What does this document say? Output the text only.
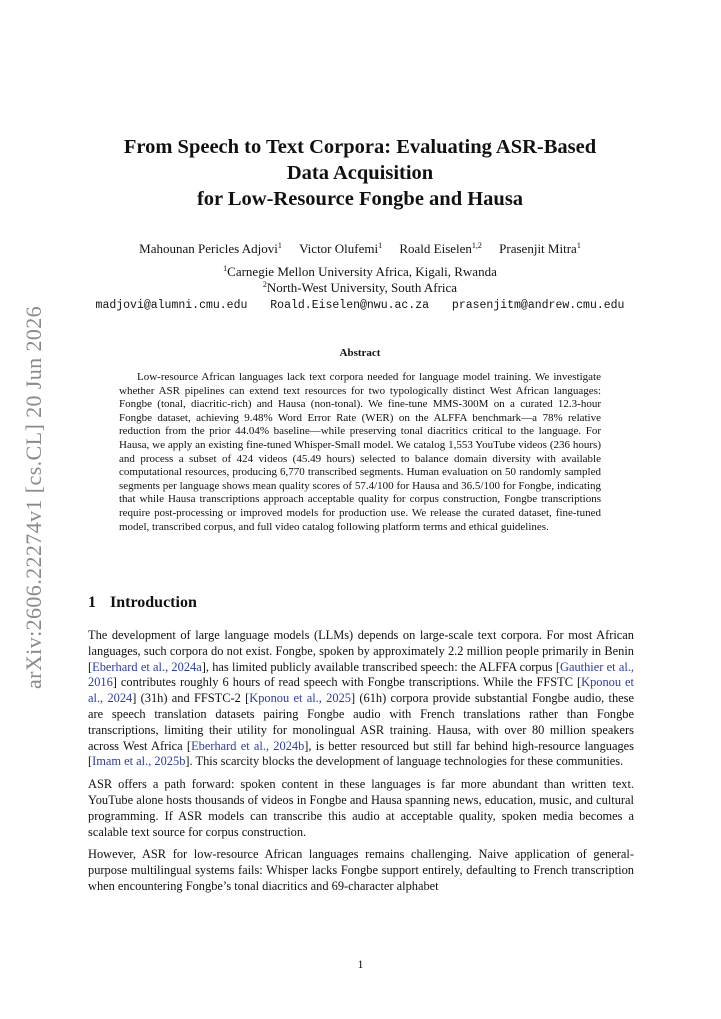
arXiv:2606.22274v1 [cs.CL] 20 Jun 2026
From Speech to Text Corpora: Evaluating ASR-Based
Data Acquisition
for Low-Resource Fongbe and Hausa
Mahounan Pericles Adjovi$^1$ Victor Olufemi$^1$ Roald Eiselen$^{1,2}$ Prasenjit Mitra$^1$
$^1$Carnegie Mellon University Africa, Kigali, Rwanda
$^2$North-West University, South Africa
madjovi@alumni.cmu.edu Roald.Eiselen@nwu.ac.za prasenjitm@andrew.cmu.edu
Abstract

Low-resource African languages lack text corpora needed for language model training. We investigate whether ASR pipelines can extend text resources for two typologically distinct West African languages: Fongbe (tonal, diacritic-rich) and Hausa (non-tonal). We fine-tune MMS-300M on a curated 12.3-hour Fongbe dataset, achieving 9.48% Word Error Rate (WER) on the ALFFA benchmark—a 78% relative reduction from the prior 44.04% baseline—while preserving tonal diacritics critical to the language. For Hausa, we apply an existing fine-tuned Whisper-Small model. We catalog 1,553 YouTube videos (236 hours) and process a subset of 424 videos (45.49 hours) selected to balance domain diversity with available computational resources, producing 6,770 transcribed segments. Human evaluation on 50 randomly sampled segments per language shows mean quality scores of 57.4/100 for Hausa and 36.5/100 for Fongbe, indicating that while Hausa transcriptions approach acceptable quality for corpus construction, Fongbe transcriptions require post-processing or improved models for production use. We release the curated dataset, fine-tuned model, transcribed corpus, and full video catalog following platform terms and ethical guidelines.

1 Introduction

The development of large language models (LLMs) depends on large-scale text corpora. For most African languages, such corpora do not exist. Fongbe, spoken by approximately 2.2 million people primarily in Benin [Eberhard et al., 2024a], has limited publicly available transcribed speech: the ALFFA corpus [Gauthier et al., 2016] contributes roughly 6 hours of read speech with Fongbe transcriptions. While the FFSTC [Kponou et al., 2024] (31h) and FFSTC-2 [Kponou et al., 2025] (61h) corpora provide substantial Fongbe audio, these are speech translation datasets pairing Fongbe audio with French translations rather than Fongbe transcriptions, limiting their utility for monolingual ASR training. Hausa, with over 80 million speakers across West Africa [Eberhard et al., 2024b], is better resourced but still far behind high-resource languages [Imam et al., 2025b]. This scarcity blocks the development of language technologies for these communities.

ASR offers a path forward: spoken content in these languages is far more abundant than written text. YouTube alone hosts thousands of videos in Fongbe and Hausa spanning news, education, music, and cultural programming. If ASR models can transcribe this audio at acceptable quality, spoken media becomes a scalable text source for corpus construction.

However, ASR for low-resource African languages remains challenging. Naive application of general-purpose multilingual systems fails: Whisper lacks Fongbe support entirely, defaulting to French transcription when encountering Fongbe’s tonal diacritics and 69-character alphabet

1
